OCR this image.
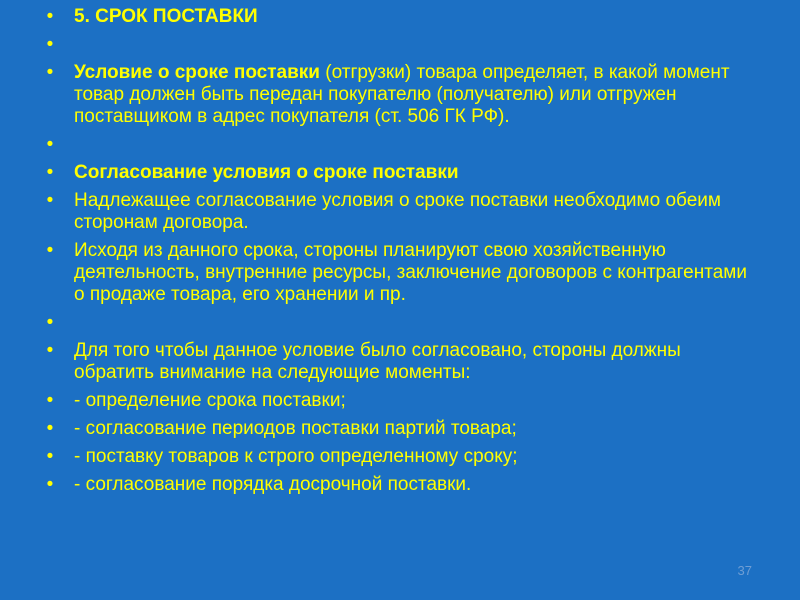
•	5. СРОК ПОСТАВКИ
•
•	Условие о сроке поставки (отгрузки) товара определяет, в какой момент товар должен быть передан покупателю (получателю) или отгружен поставщиком в адрес покупателя (ст. 506 ГК РФ).
•
•	Согласование условия о сроке поставки
•	Надлежащее согласование условия о сроке поставки необходимо обеим сторонам договора.
•	Исходя из данного срока, стороны планируют свою хозяйственную деятельность, внутренние ресурсы, заключение договоров с контрагентами о продаже товара, его хранении и пр.
•
•	Для того чтобы данное условие было согласовано, стороны должны обратить внимание на следующие моменты:
•	- определение срока поставки;
•	- согласование периодов поставки партий товара;
•	- поставку товаров к строго определенному сроку;
•	- согласование порядка досрочной поставки.
37
